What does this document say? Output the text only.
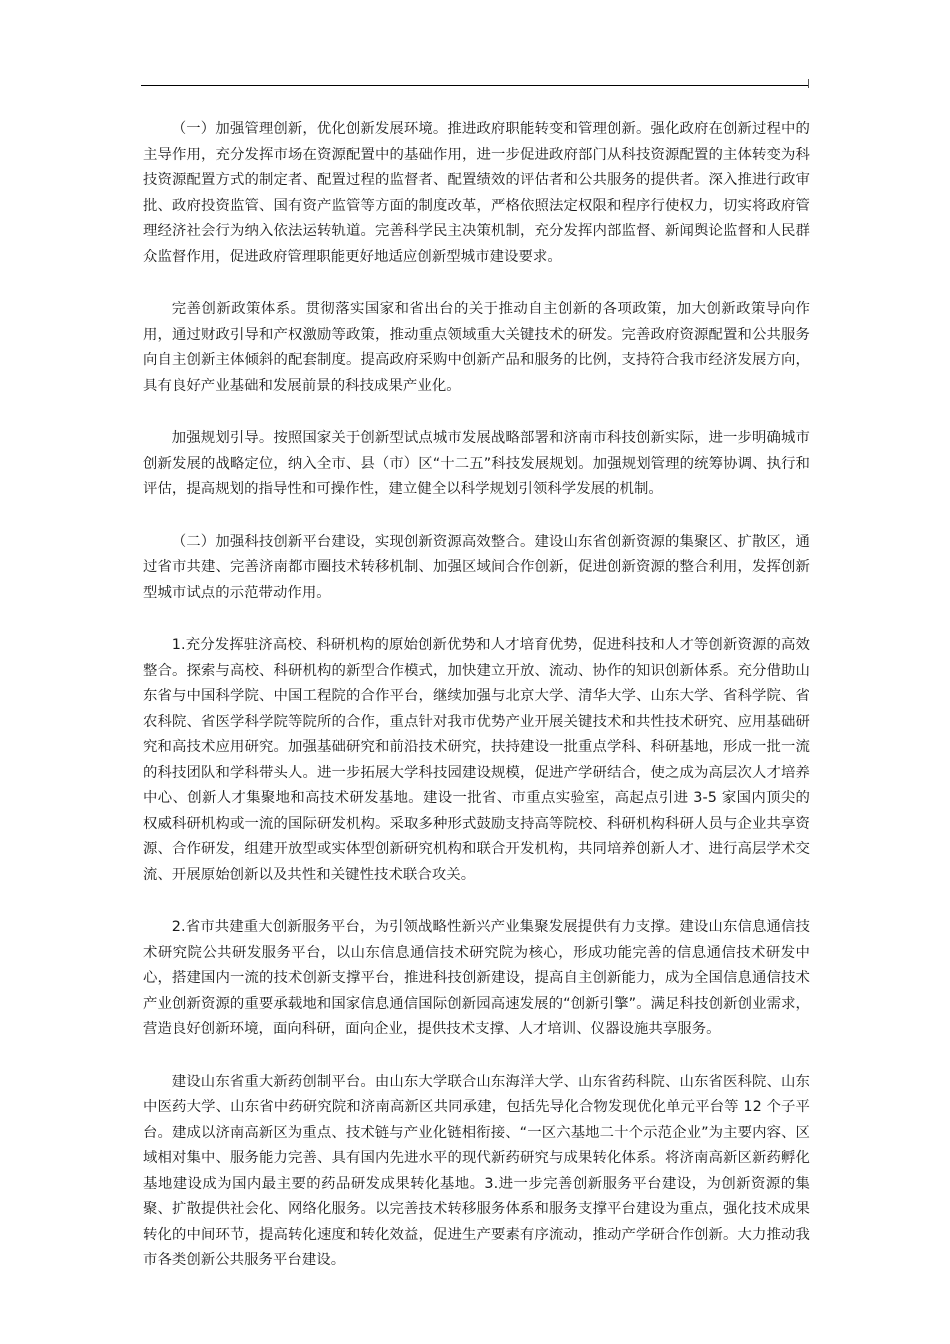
（一）加强管理创新，优化创新发展环境。推进政府职能转变和管理创新。强化政府在创新过程中的主导作用，充分发挥市场在资源配置中的基础作用，进一步促进政府部门从科技资源配置的主体转变为科技资源配置方式的制定者、配置过程的监督者、配置绩效的评估者和公共服务的提供者。深入推进行政审批、政府投资监管、国有资产监管等方面的制度改革，严格依照法定权限和程序行使权力，切实将政府管理经济社会行为纳入依法运转轨道。完善科学民主决策机制，充分发挥内部监督、新闻舆论监督和人民群众监督作用，促进政府管理职能更好地适应创新型城市建设要求。

完善创新政策体系。贯彻落实国家和省出台的关于推动自主创新的各项政策，加大创新政策导向作用，通过财政引导和产权激励等政策，推动重点领域重大关键技术的研发。完善政府资源配置和公共服务向自主创新主体倾斜的配套制度。提高政府采购中创新产品和服务的比例，支持符合我市经济发展方向，具有良好产业基础和发展前景的科技成果产业化。

加强规划引导。按照国家关于创新型试点城市发展战略部署和济南市科技创新实际，进一步明确城市创新发展的战略定位，纳入全市、县（市）区“十二五”科技发展规划。加强规划管理的统筹协调、执行和评估，提高规划的指导性和可操作性，建立健全以科学规划引领科学发展的机制。

（二）加强科技创新平台建设，实现创新资源高效整合。建设山东省创新资源的集聚区、扩散区，通过省市共建、完善济南都市圈技术转移机制、加强区域间合作创新，促进创新资源的整合利用，发挥创新型城市试点的示范带动作用。

1.充分发挥驻济高校、科研机构的原始创新优势和人才培育优势，促进科技和人才等创新资源的高效整合。探索与高校、科研机构的新型合作模式，加快建立开放、流动、协作的知识创新体系。充分借助山东省与中国科学院、中国工程院的合作平台，继续加强与北京大学、清华大学、山东大学、省科学院、省农科院、省医学科学院等院所的合作，重点针对我市优势产业开展关键技术和共性技术研究、应用基础研究和高技术应用研究。加强基础研究和前沿技术研究，扶持建设一批重点学科、科研基地，形成一批一流的科技团队和学科带头人。进一步拓展大学科技园建设规模，促进产学研结合，使之成为高层次人才培养中心、创新人才集聚地和高技术研发基地。建设一批省、市重点实验室，高起点引进 3-5 家国内顶尖的权威科研机构或一流的国际研发机构。采取多种形式鼓励支持高等院校、科研机构科研人员与企业共享资源、合作研发，组建开放型或实体型创新研究机构和联合开发机构，共同培养创新人才、进行高层学术交流、开展原始创新以及共性和关键性技术联合攻关。

2.省市共建重大创新服务平台，为引领战略性新兴产业集聚发展提供有力支撑。建设山东信息通信技术研究院公共研发服务平台，以山东信息通信技术研究院为核心，形成功能完善的信息通信技术研发中心，搭建国内一流的技术创新支撑平台，推进科技创新建设，提高自主创新能力，成为全国信息通信技术产业创新资源的重要承载地和国家信息通信国际创新园高速发展的“创新引擎”。满足科技创新创业需求，营造良好创新环境，面向科研，面向企业，提供技术支撑、人才培训、仪器设施共享服务。

建设山东省重大新药创制平台。由山东大学联合山东海洋大学、山东省药科院、山东省医科院、山东中医药大学、山东省中药研究院和济南高新区共同承建，包括先导化合物发现优化单元平台等 12 个子平台。建成以济南高新区为重点、技术链与产业化链相衔接、“一区六基地二十个示范企业”为主要内容、区域相对集中、服务能力完善、具有国内先进水平的现代新药研究与成果转化体系。将济南高新区新药孵化基地建设成为国内最主要的药品研发成果转化基地。3.进一步完善创新服务平台建设，为创新资源的集聚、扩散提供社会化、网络化服务。以完善技术转移服务体系和服务支撑平台建设为重点，强化技术成果转化的中间环节，提高转化速度和转化效益，促进生产要素有序流动，推动产学研合作创新。大力推动我市各类创新公共服务平台建设。
